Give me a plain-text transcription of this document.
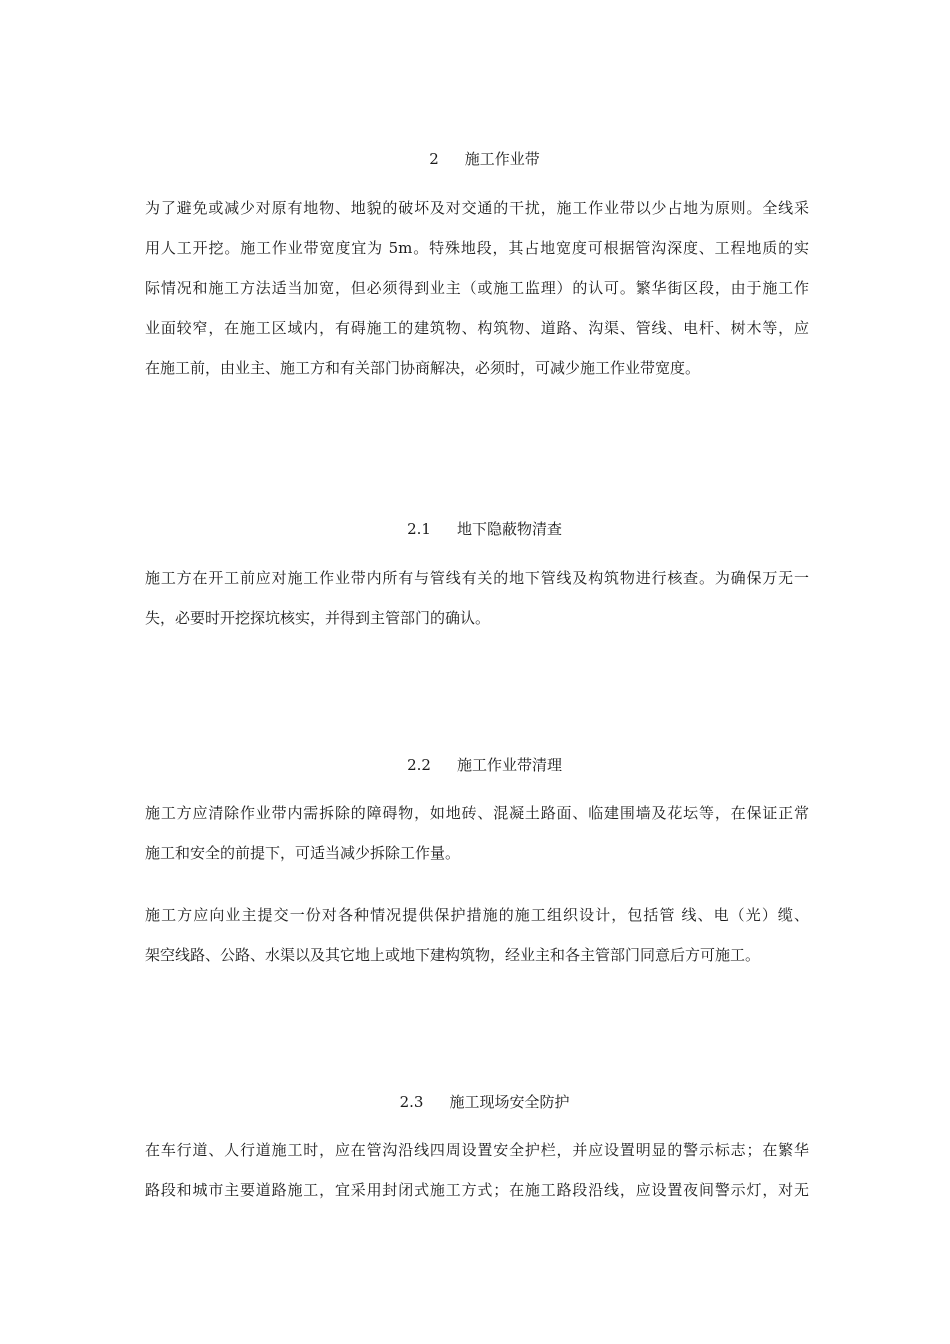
2 施工作业带

为了避免或减少对原有地物、地貌的破坏及对交通的干扰，施工作业带以少占地为原则。全线采
用人工开挖。施工作业带宽度宜为 5m。特殊地段，其占地宽度可根据管沟深度、工程地质的实
际情况和施工方法适当加宽，但必须得到业主（或施工监理）的认可。繁华街区段，由于施工作
业面较窄，在施工区域内，有碍施工的建筑物、构筑物、道路、沟渠、管线、电杆、树木等，应
在施工前，由业主、施工方和有关部门协商解决，必须时，可减少施工作业带宽度。

2.1 地下隐蔽物清查

施工方在开工前应对施工作业带内所有与管线有关的地下管线及构筑物进行核查。为确保万无一
失，必要时开挖探坑核实，并得到主管部门的确认。

2.2 施工作业带清理

施工方应清除作业带内需拆除的障碍物，如地砖、混凝土路面、临建围墙及花坛等，在保证正常
施工和安全的前提下，可适当减少拆除工作量。
施工方应向业主提交一份对各种情况提供保护措施的施工组织设计，包括管 线、电（光）缆、
架空线路、公路、水渠以及其它地上或地下建构筑物，经业主和各主管部门同意后方可施工。

2.3 施工现场安全防护

在车行道、人行道施工时，应在管沟沿线四周设置安全护栏，并应设置明显的警示标志；在繁华
路段和城市主要道路施工，宜采用封闭式施工方式；在施工路段沿线，应设置夜间警示灯，对无
